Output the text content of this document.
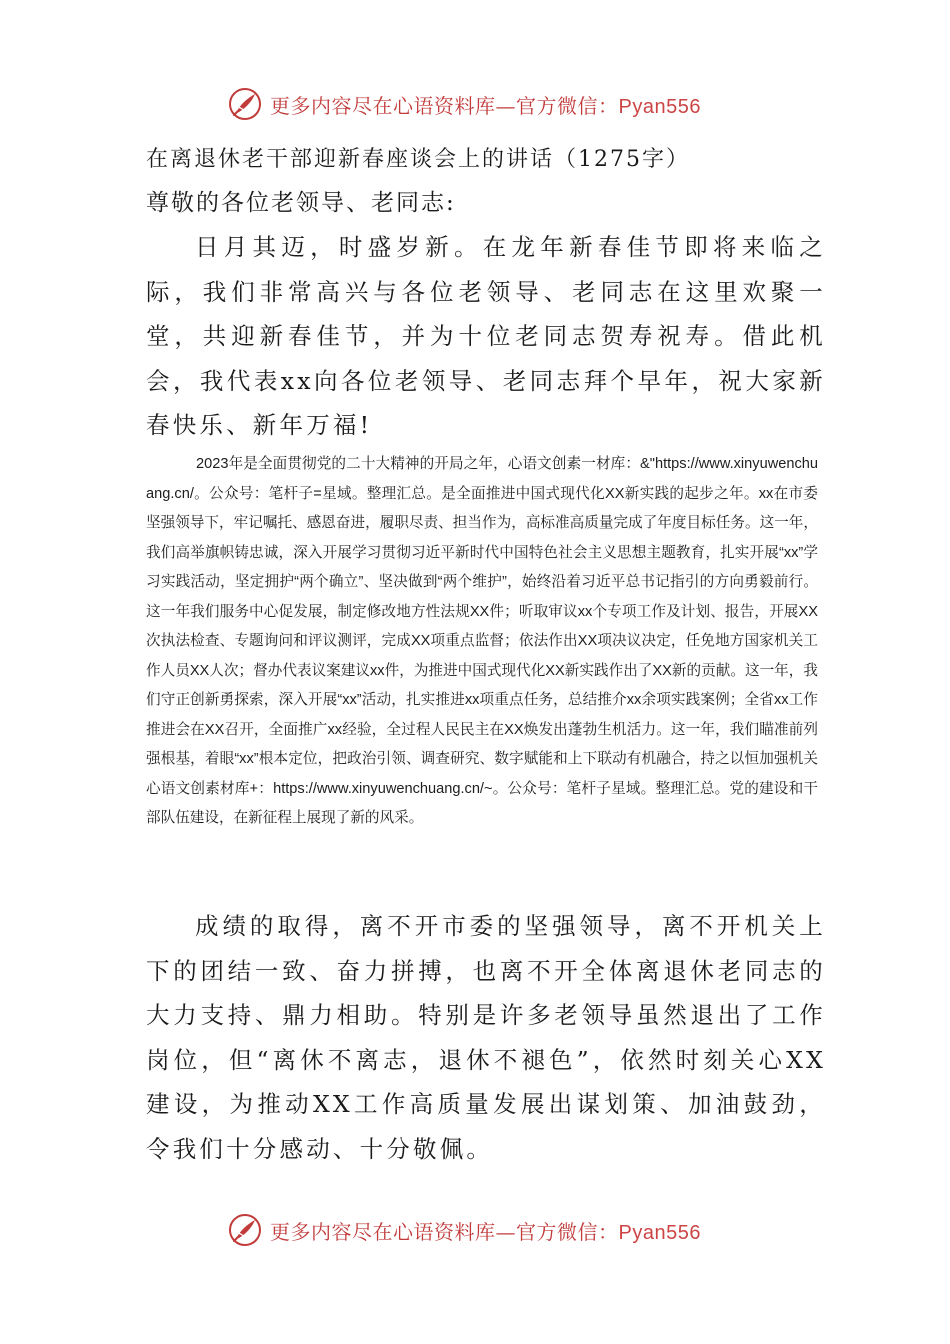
更多内容尽在心语资料库—官方微信：Pyan556
在离退休老干部迎新春座谈会上的讲话（1275字）
尊敬的各位老领导、老同志:

日月其迈，时盛岁新。在龙年新春佳节即将来临之际，我们非常高兴与各位老领导、老同志在这里欢聚一堂，共迎新春佳节，并为十位老同志贺寿祝寿。借此机会，我代表xx向各位老领导、老同志拜个早年，祝大家新春快乐、新年万福!

2023年是全面贯彻党的二十大精神的开局之年，心语文创素一材库：&"https://www.xinyuwenchuang.cn/。公众号：笔杆子=星域。整理汇总。是全面推进中国式现代化XX新实践的起步之年。xx在市委坚强领导下，牢记嘱托、感恩奋进，履职尽责、担当作为，高标准高质量完成了年度目标任务。这一年，我们高举旗帜铸忠诚，深入开展学习贯彻习近平新时代中国特色社会主义思想主题教育，扎实开展“xx”学习实践活动，坚定拥护“两个确立”、坚决做到“两个维护”，始终沿着习近平总书记指引的方向勇毅前行。这一年我们服务中心促发展，制定修改地方性法规XX件；听取审议xx个专项工作及计划、报告，开展XX次执法检查、专题询问和评议测评，完成XX项重点监督；依法作出XX项决议决定，任免地方国家机关工作人员XX人次；督办代表议案建议xx件，为推进中国式现代化XX新实践作出了XX新的贡献。这一年，我们守正创新勇探索，深入开展“xx”活动，扎实推进xx项重点任务，总结推介xx余项实践案例；全省xx工作推进会在XX召开，全面推广xx经验，全过程人民民主在XX焕发出蓬勃生机活力。这一年，我们瞄准前列强根基，着眼“xx”根本定位，把政治引领、调查研究、数字赋能和上下联动有机融合，持之以恒加强机关心语文创素材库+：https://www.xinyuwenchuang.cn/~。公众号：笔杆子星域。整理汇总。党的建设和干部队伍建设，在新征程上展现了新的风采。

成绩的取得，离不开市委的坚强领导，离不开机关上下的团结一致、奋力拼搏，也离不开全体离退休老同志的大力支持、鼎力相助。特别是许多老领导虽然退出了工作岗位，但“离休不离志，退休不褪色”，依然时刻关心XX建设，为推动XX工作高质量发展出谋划策、加油鼓劲，令我们十分感动、十分敬佩。

更多内容尽在心语资料库—官方微信：Pyan556
